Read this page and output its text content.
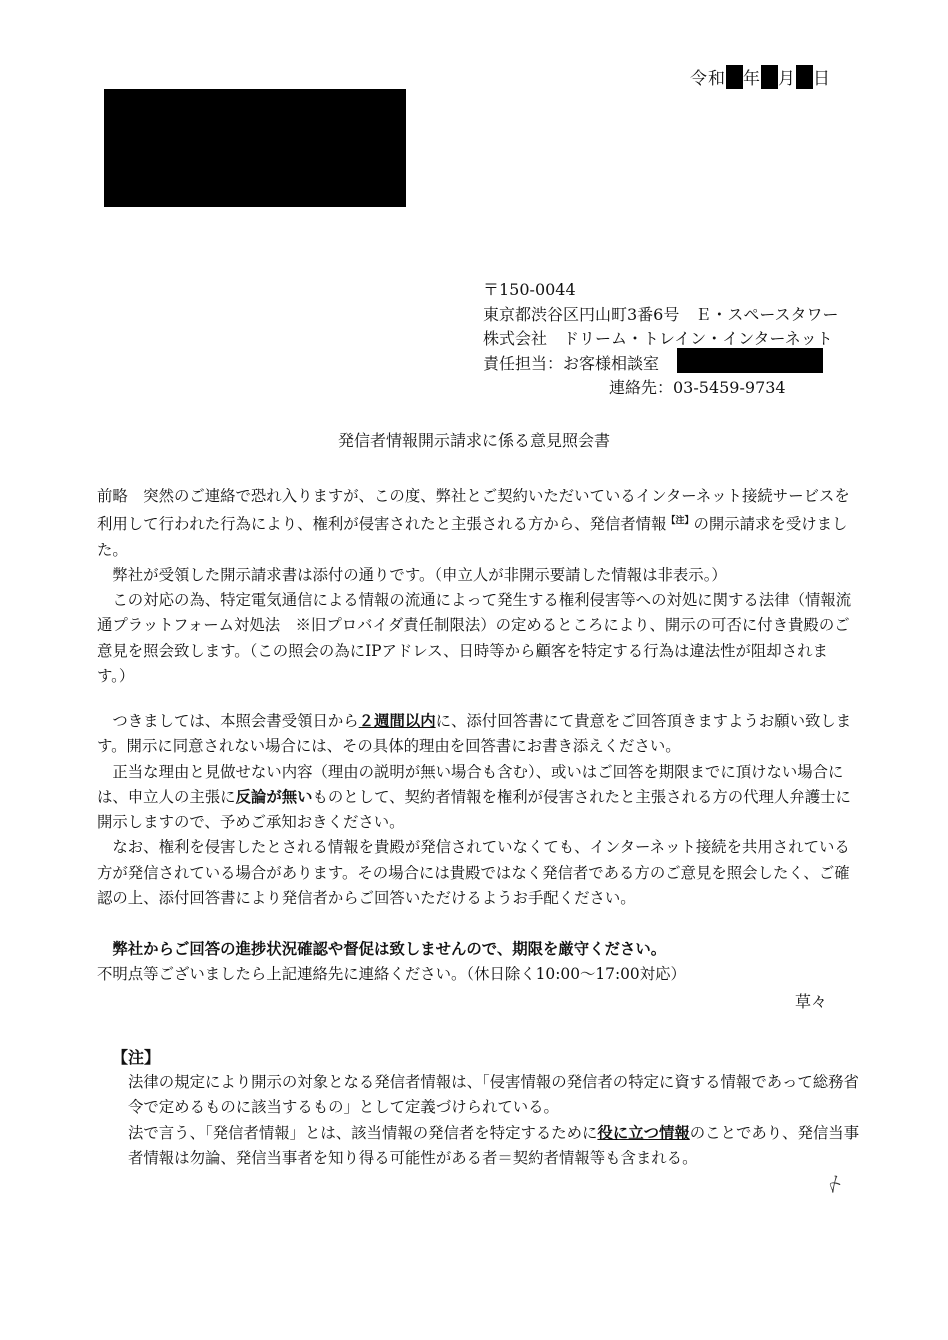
令和 年 月 日
〒150-0044
東京都渋谷区円山町3番6号　Ｅ・スペースタワー
株式会社　ドリーム・トレイン・インターネット
責任担当：お客様相談室
連絡先：03-5459-9734
発信者情報開示請求に係る意見照会書

前略　突然のご連絡で恐れ入りますが、この度、弊社とご契約いただいているインターネット接続サービスを利用して行われた行為により、権利が侵害されたと主張される方から、発信者情報$^{【注】}$の開示請求を受けました。

弊社が受領した開示請求書は添付の通りです。（申立人が非開示要請した情報は非表示。）

この対応の為、特定電気通信による情報の流通によって発生する権利侵害等への対処に関する法律（情報流通プラットフォーム対処法　※旧プロバイダ責任制限法）の定めるところにより、開示の可否に付き貴殿のご意見を照会致します。（この照会の為にIPアドレス、日時等から顧客を特定する行為は違法性が阻却されます。）

つきましては、本照会書受領日から２週間以内に、添付回答書にて貴意をご回答頂きますようお願い致します。開示に同意されない場合には、その具体的理由を回答書にお書き添えください。

正当な理由と見做せない内容（理由の説明が無い場合も含む）、或いはご回答を期限までに頂けない場合には、申立人の主張に反論が無いものとして、契約者情報を権利が侵害されたと主張される方の代理人弁護士に開示しますので、予めご承知おきください。

なお、権利を侵害したとされる情報を貴殿が発信されていなくても、インターネット接続を共用されている方が発信されている場合があります。その場合には貴殿ではなく発信者である方のご意見を照会したく、ご確認の上、添付回答書により発信者からご回答いただけるようお手配ください。

弊社からご回答の進捗状況確認や督促は致しませんので、期限を厳守ください。

不明点等ございましたら上記連絡先に連絡ください。（休日除く10:00～17:00対応）

草々
【注】

法律の規定により開示の対象となる発信者情報は、「侵害情報の発信者の特定に資する情報であって総務省令で定めるものに該当するもの」として定義づけられている。

法で言う、「発信者情報」とは、該当情報の発信者を特定するために役に立つ情報のことであり、発信当事者情報は勿論、発信当事者を知り得る可能性がある者＝契約者情報等も含まれる。

〆
